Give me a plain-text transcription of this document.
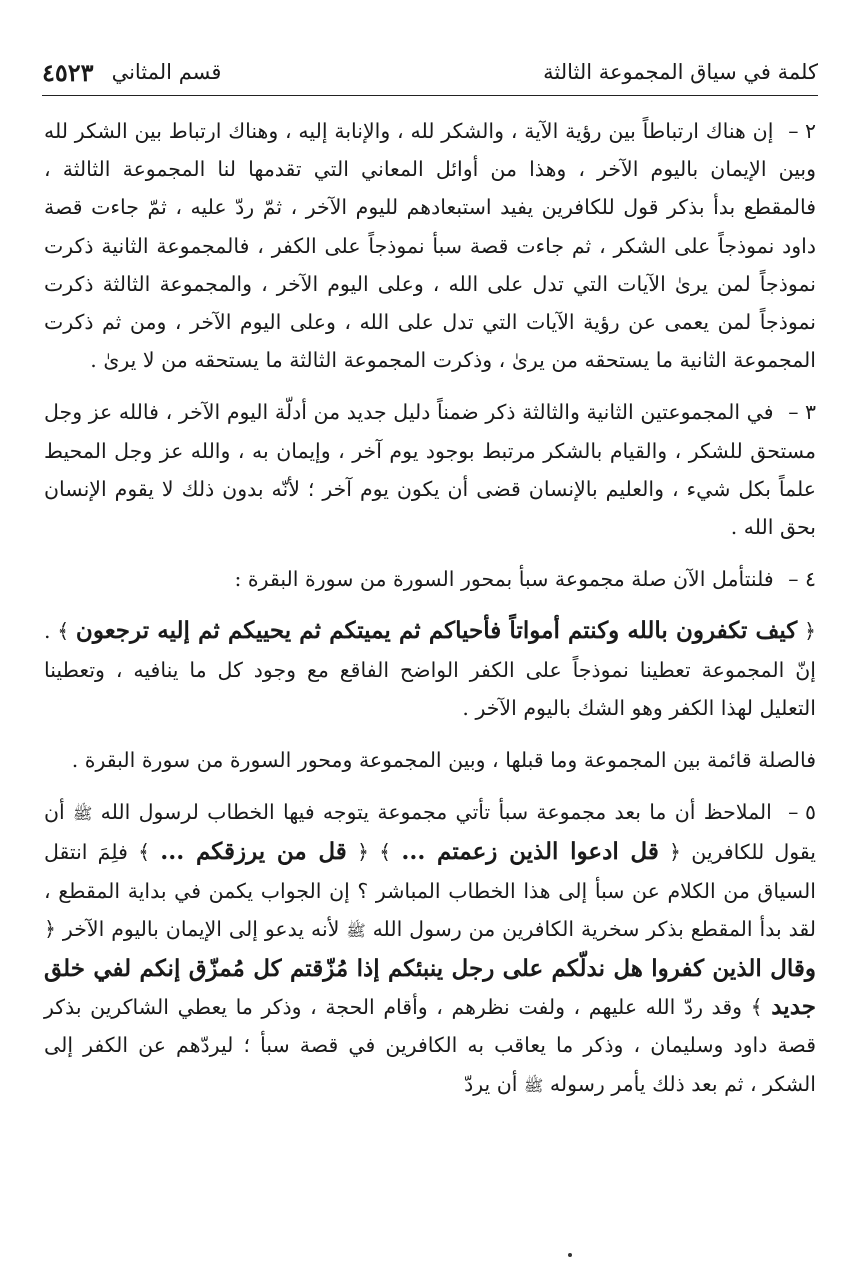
كلمة في سياق المجموعة الثالثة
قسم المثاني
٤٥٢٣

٢ – إن هناك ارتباطاً بين رؤية الآية ، والشكر لله ، والإنابة إليه ، وهناك ارتباط بين الشكر لله وبين الإيمان باليوم الآخر ، وهذا من أوائل المعاني التي تقدمها لنا المجموعة الثالثة ، فالمقطع بدأ بذكر قول للكافرين يفيد استبعادهم لليوم الآخر ، ثمّ ردّ عليه ، ثمّ جاءت قصة داود نموذجاً على الشكر ، ثم جاءت قصة سبأ نموذجاً على الكفر ، فالمجموعة الثانية ذكرت نموذجاً لمن يرىٰ الآيات التي تدل على الله ، وعلى اليوم الآخر ، والمجموعة الثالثة ذكرت نموذجاً لمن يعمى عن رؤية الآيات التي تدل على الله ، وعلى اليوم الآخر ، ومن ثم ذكرت المجموعة الثانية ما يستحقه من يرىٰ ، وذكرت المجموعة الثالثة ما يستحقه من لا يرىٰ .

٣ – في المجموعتين الثانية والثالثة ذكر ضمناً دليل جديد من أدلّة اليوم الآخر ، فالله عز وجل مستحق للشكر ، والقيام بالشكر مرتبط بوجود يوم آخر ، وإيمان به ، والله عز وجل المحيط علماً بكل شيء ، والعليم بالإنسان قضى أن يكون يوم آخر ؛ لأنّه بدون ذلك لا يقوم الإنسان بحق الله .

٤ – فلنتأمل الآن صلة مجموعة سبأ بمحور السورة من سورة البقرة :

﴿ كيف تكفرون بالله وكنتم أمواتاً فأحياكم ثم يميتكم ثم يحييكم ثم إليه ترجعون ﴾ . إنّ المجموعة تعطينا نموذجاً على الكفر الواضح الفاقع مع وجود كل ما ينافيه ، وتعطينا التعليل لهذا الكفر وهو الشك باليوم الآخر .

فالصلة قائمة بين المجموعة وما قبلها ، وبين المجموعة ومحور السورة من سورة البقرة .

٥ – الملاحظ أن ما بعد مجموعة سبأ تأتي مجموعة يتوجه فيها الخطاب لرسول الله ﷺ أن يقول للكافرين ﴿ قل ادعوا الذين زعمتم ... ﴾ ﴿ قل من يرزقكم ... ﴾ فلِمَ انتقل السياق من الكلام عن سبأ إلى هذا الخطاب المباشر ؟ إن الجواب يكمن في بداية المقطع ، لقد بدأ المقطع بذكر سخرية الكافرين من رسول الله ﷺ لأنه يدعو إلى الإيمان باليوم الآخر ﴿ وقال الذين كفروا هل ندلّكم على رجل ينبئكم إذا مُزّقتم كل مُمزّق إنكم لفي خلق جديد ﴾ وقد ردّ الله عليهم ، ولفت نظرهم ، وأقام الحجة ، وذكر ما يعطي الشاكرين بذكر قصة داود وسليمان ، وذكر ما يعاقب به الكافرين في قصة سبأ ؛ ليردّهم عن الكفر إلى الشكر ، ثم بعد ذلك يأمر رسوله ﷺ أن يردّ
